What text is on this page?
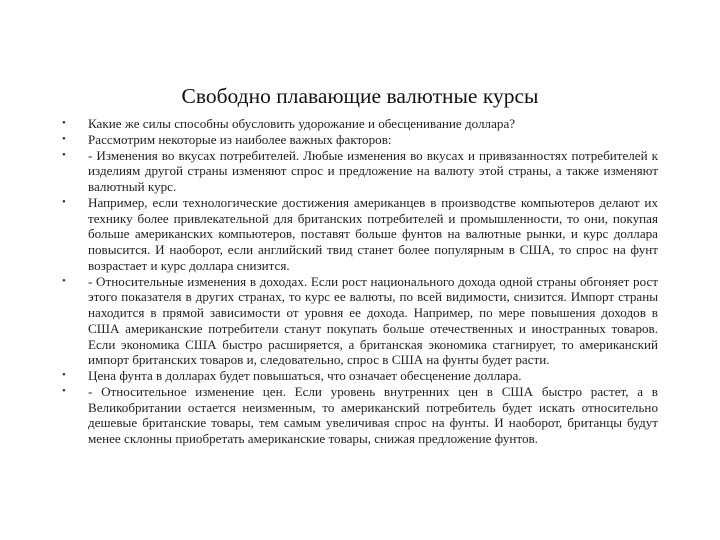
Свободно плавающие валютные курсы
•	Какие же силы способны обусловить удорожание и обесценивание доллара?
•	Рассмотрим некоторые из наиболее важных факторов:
•	- Изменения во вкусах потребителей. Любые изменения во вкусах и привязанностях потребителей к изделиям другой страны изменяют спрос и предложение на валюту этой страны, а также изменяют валютный курс.
•	Например, если технологические достижения американцев в производстве компьютеров делают их технику более привлекательной для британских потребителей и промышленности, то они, покупая больше американских компьютеров, поставят больше фунтов на валютные рынки, и курс доллара повысится. И наоборот, если английский твид станет более популярным в США, то спрос на фунт возрастает и курс доллара снизится.
•	- Относительные изменения в доходах. Если рост национального дохода одной страны обгоняет рост этого показателя в других странах, то курс ее валюты, по всей видимости, снизится. Импорт страны находится в прямой зависимости от уровня ее дохода. Например, по мере повышения доходов в США американские потребители станут покупать больше отечественных и иностранных товаров. Если экономика США быстро расширяется, а британская экономика стагнирует, то американский импорт британских товаров и, следовательно, спрос в США на фунты будет расти.
•	Цена фунта в долларах будет повышаться, что означает обесценение доллара.
•	- Относительное изменение цен. Если уровень внутренних цен в США быстро растет, а в Великобритании остается неизменным, то американский потребитель будет искать относительно дешевые британские товары, тем самым увеличивая спрос на фунты. И наоборот, британцы будут менее склонны приобретать американские товары, снижая предложение фунтов.
